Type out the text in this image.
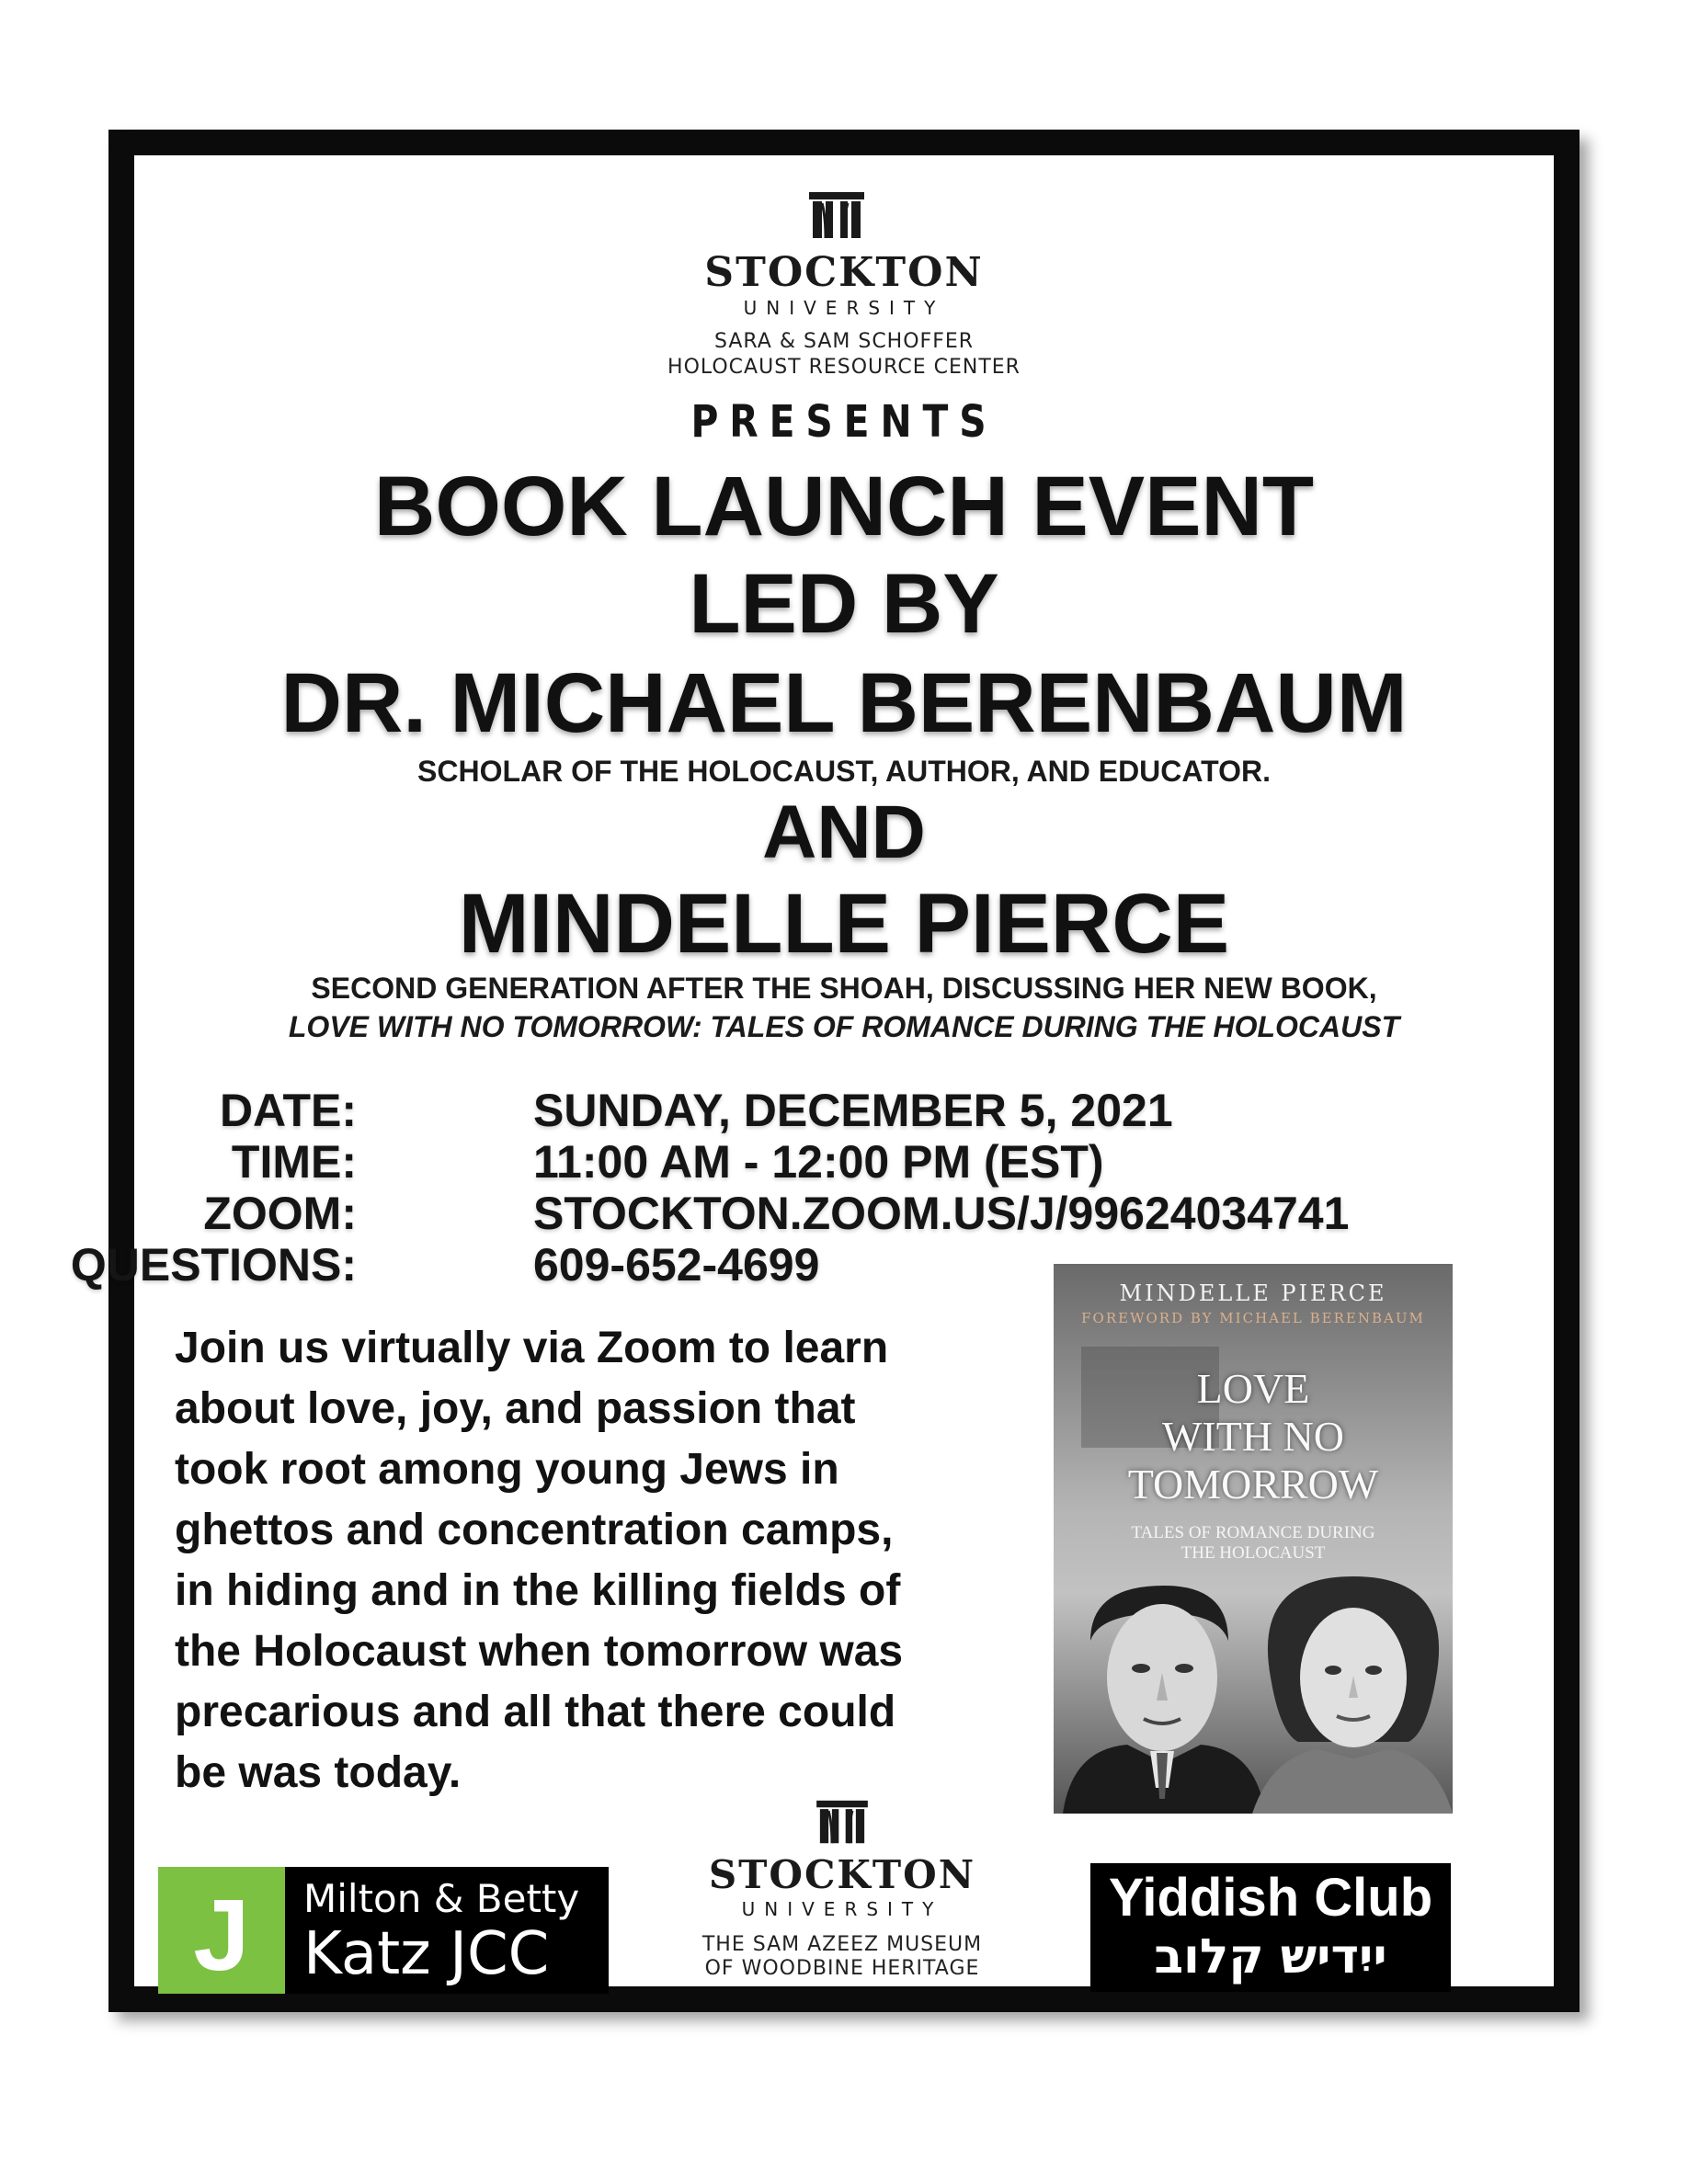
STOCKTON
UNIVERSITY
SARA & SAM SCHOFFER
HOLOCAUST RESOURCE CENTER
PRESENTS
BOOK LAUNCH EVENT
LED BY
DR. MICHAEL BERENBAUM
SCHOLAR OF THE HOLOCAUST, AUTHOR, AND EDUCATOR.
AND
MINDELLE PIERCE
SECOND GENERATION AFTER THE SHOAH, DISCUSSING HER NEW BOOK,
LOVE WITH NO TOMORROW: TALES OF ROMANCE DURING THE HOLOCAUST
DATE:	SUNDAY, DECEMBER 5, 2021
TIME:	11:00 AM - 12:00 PM (EST)
ZOOM:	STOCKTON.ZOOM.US/J/99624034741
QUESTIONS:	609-652-4699
Join us virtually via Zoom to learn
about love, joy, and passion that
took root among young Jews in
ghettos and concentration camps,
in hiding and in the killing fields of
the Holocaust when tomorrow was
precarious and all that there could
be was today.
MINDELLE PIERCE
FOREWORD BY MICHAEL BERENBAUM
LOVE
WITH NO
TOMORROW
TALES OF ROMANCE DURING
THE HOLOCAUST
J	Milton & Betty
Katz JCC
STOCKTON
UNIVERSITY
THE SAM AZEEZ MUSEUM
OF WOODBINE HERITAGE
Yiddish Club
ייִדיש קלוב
